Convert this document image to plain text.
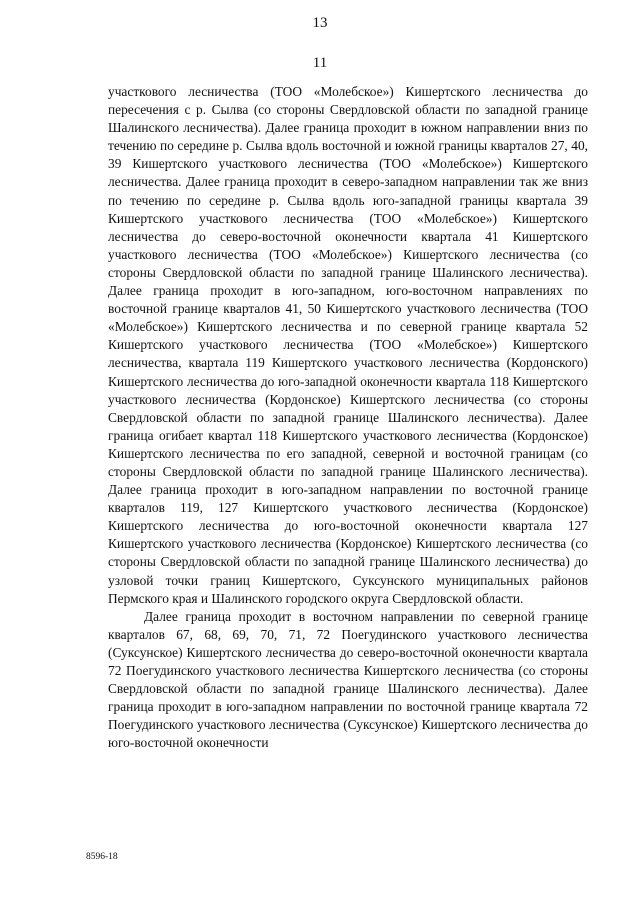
13
11

участкового лесничества (ТОО «Молебское») Кишертского лесничества до пересечения с р. Сылва (со стороны Свердловской области по западной границе Шалинского лесничества). Далее граница проходит в южном направлении вниз по течению по середине р. Сылва вдоль восточной и южной границы кварталов 27, 40, 39 Кишертского участкового лесничества (ТОО «Молебское») Кишертского лесничества. Далее граница проходит в северо-западном направлении так же вниз по течению по середине р. Сылва вдоль юго-западной границы квартала 39 Кишертского участкового лесничества (ТОО «Молебское») Кишертского лесничества до северо-восточной оконечности квартала 41 Кишертского участкового лесничества (ТОО «Молебское») Кишертского лесничества (со стороны Свердловской области по западной границе Шалинского лесничества). Далее граница проходит в юго-западном, юго-восточном направлениях по восточной границе кварталов 41, 50 Кишертского участкового лесничества (ТОО «Молебское») Кишертского лесничества и по северной границе квартала 52 Кишертского участкового лесничества (ТОО «Молебское») Кишертского лесничества, квартала 119 Кишертского участкового лесничества (Кордонского) Кишертского лесничества до юго-западной оконечности квартала 118 Кишертского участкового лесничества (Кордонское) Кишертского лесничества (со стороны Свердловской области по западной границе Шалинского лесничества). Далее граница огибает квартал 118 Кишертского участкового лесничества (Кордонское) Кишертского лесничества по его западной, северной и восточной границам (со стороны Свердловской области по западной границе Шалинского лесничества). Далее граница проходит в юго-западном направлении по восточной границе кварталов 119, 127 Кишертского участкового лесничества (Кордонское) Кишертского лесничества до юго-восточной оконечности квартала 127 Кишертского участкового лесничества (Кордонское) Кишертского лесничества (со стороны Свердловской области по западной границе Шалинского лесничества) до узловой точки границ Кишертского, Суксунского муниципальных районов Пермского края и Шалинского городского округа Свердловской области.

Далее граница проходит в восточном направлении по северной границе кварталов 67, 68, 69, 70, 71, 72 Поегудинского участкового лесничества (Суксунское) Кишертского лесничества до северо-восточной оконечности квартала 72 Поегудинского участкового лесничества Кишертского лесничества (со стороны Свердловской области по западной границе Шалинского лесничества). Далее граница проходит в юго-западном направлении по восточной границе квартала 72 Поегудинского участкового лесничества (Суксунское) Кишертского лесничества до юго-восточной оконечности

8596-18
